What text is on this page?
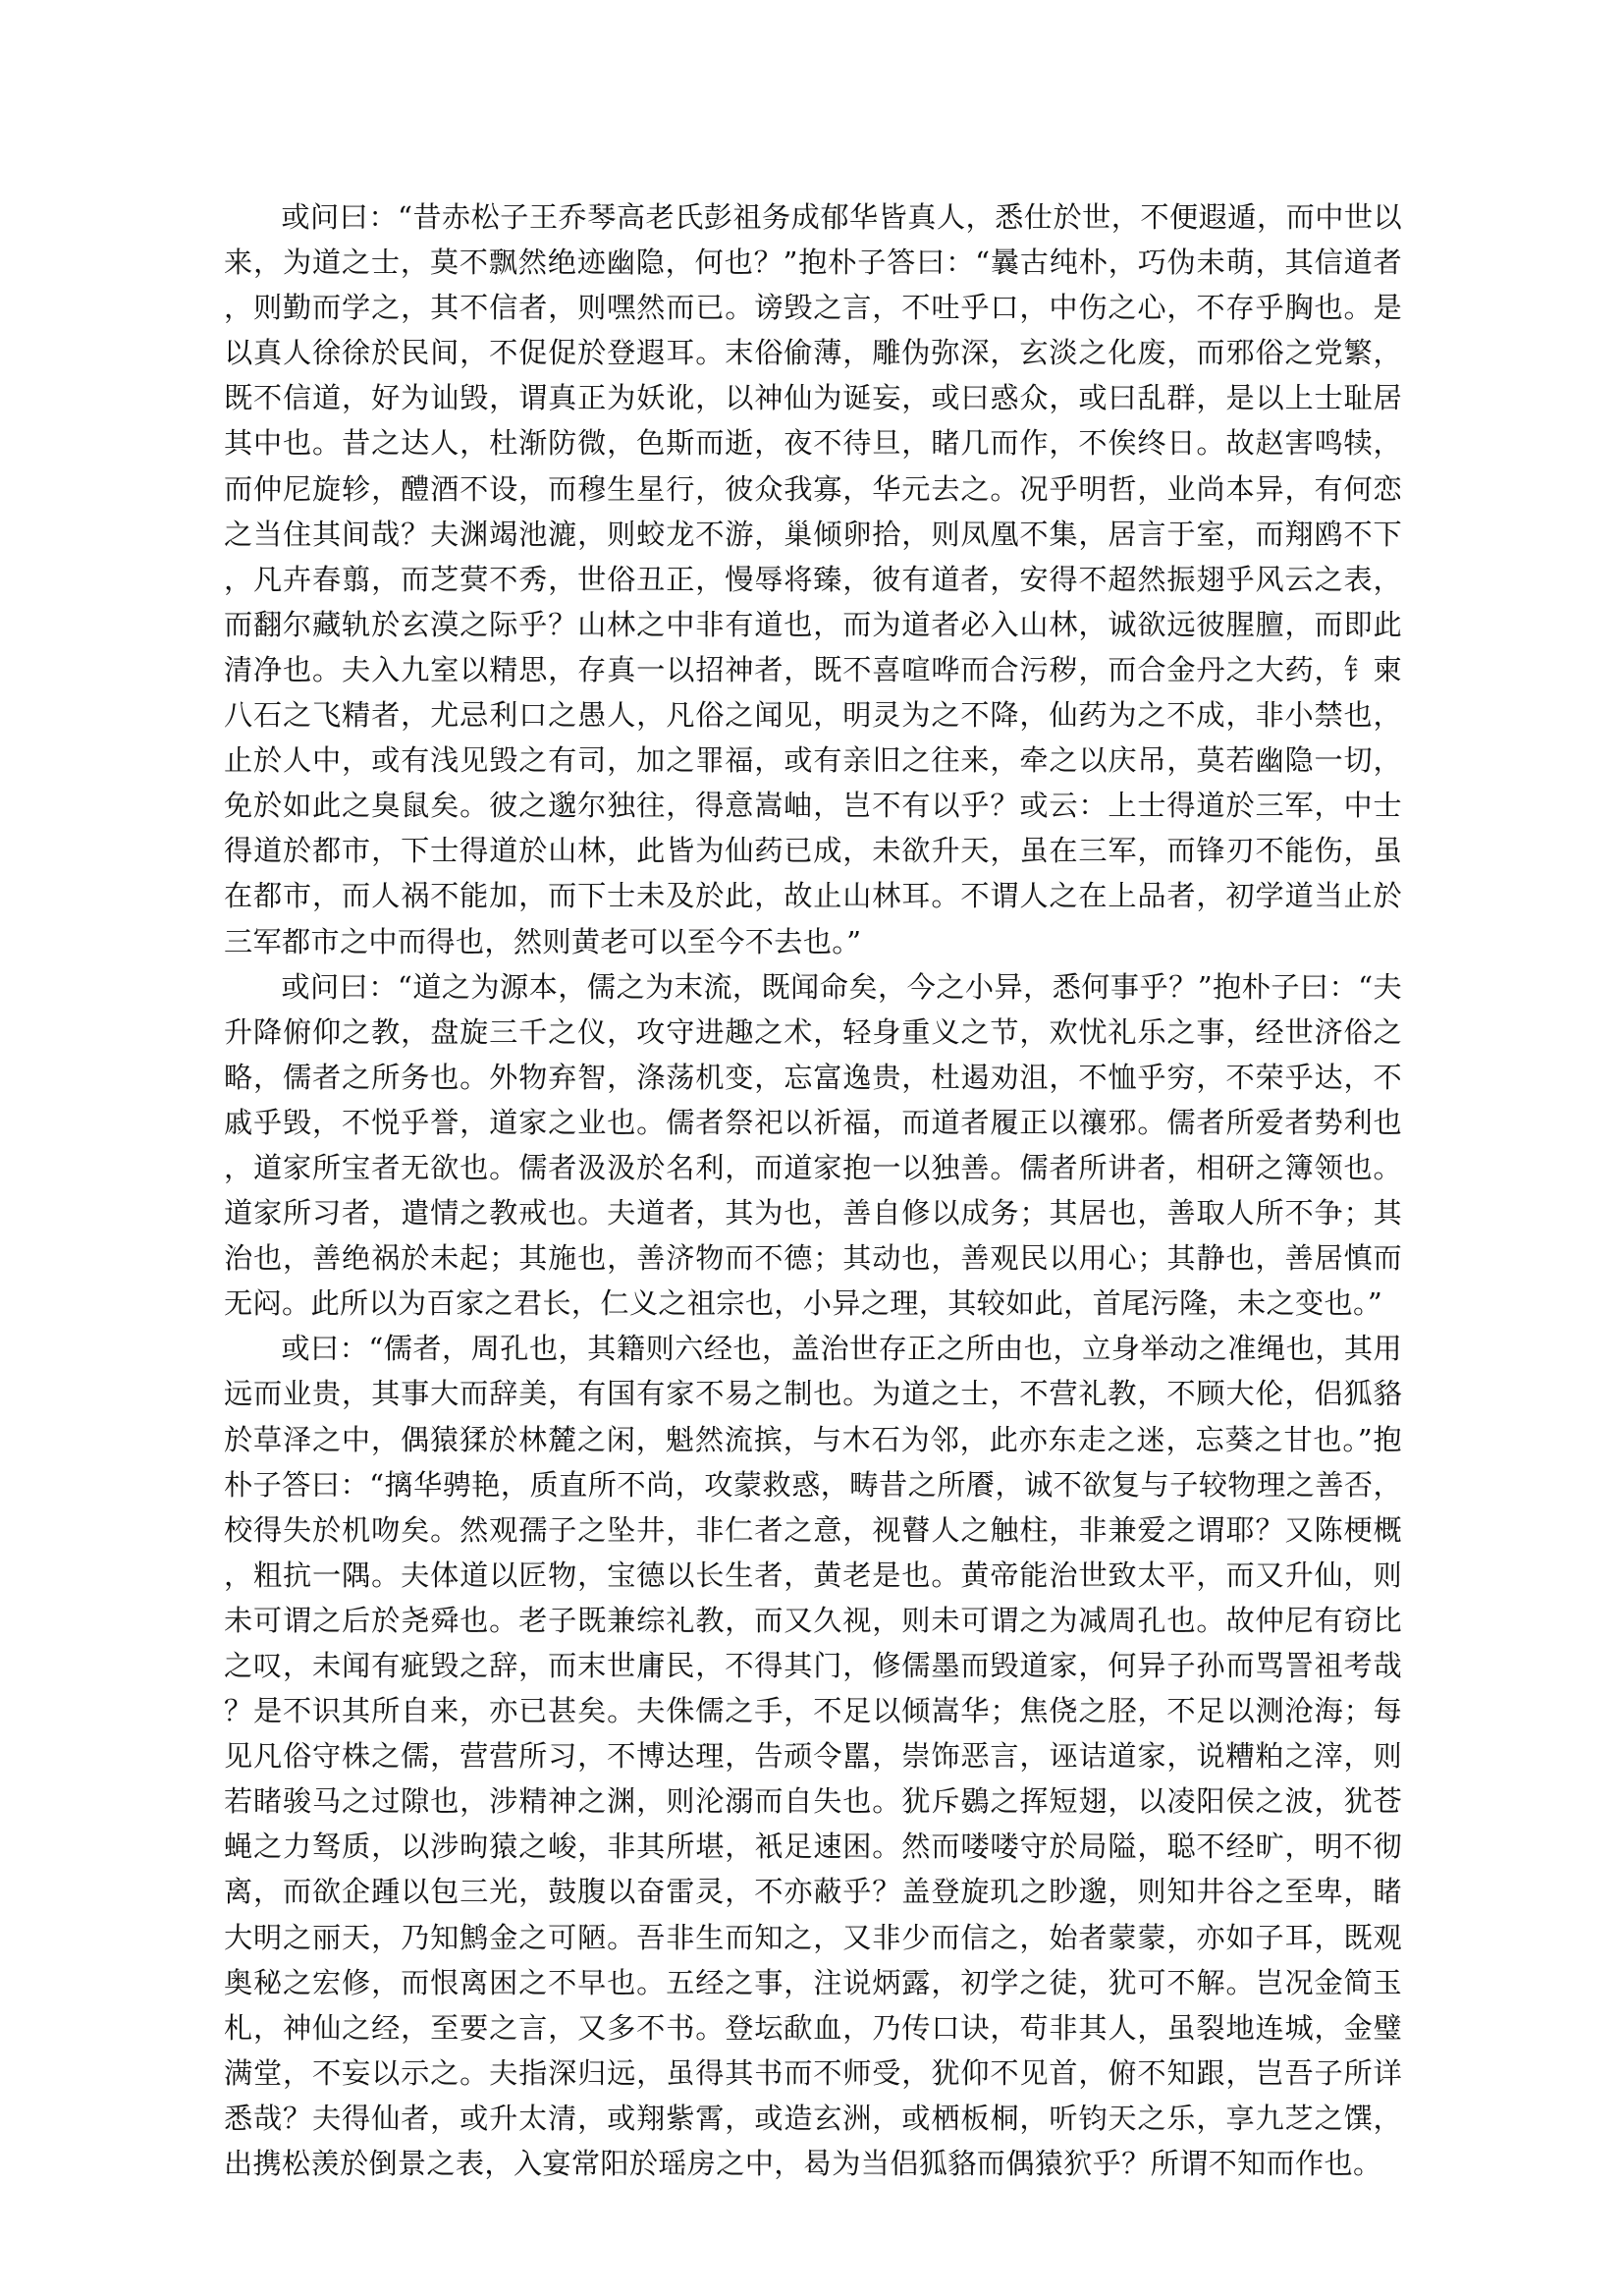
或问曰：“昔赤松子王乔琴高老氏彭祖务成郁华皆真人，悉仕於世，不便遐遁，而中世以来，为道之士，莫不飘然绝迹幽隐，何也？”抱朴子答曰：“曩古纯朴，巧伪未萌，其信道者，则勤而学之，其不信者，则嘿然而已。谤毁之言，不吐乎口，中伤之心，不存乎胸也。是以真人徐徐於民间，不促促於登遐耳。末俗偷薄，雕伪弥深，玄淡之化废，而邪俗之党繁，既不信道，好为讪毁，谓真正为妖讹，以神仙为诞妄，或曰惑众，或曰乱群，是以上士耻居其中也。昔之达人，杜渐防微，色斯而逝，夜不待旦，睹几而作，不俟终日。故赵害鸣犊，而仲尼旋轸，醴酒不设，而穆生星行，彼众我寡，华元去之。况乎明哲，业尚本异，有何恋之当住其间哉？夫渊竭池漉，则蛟龙不游，巢倾卵拾，则凤凰不集，居言于室，而翔鸥不下，凡卉春翦，而芝蓂不秀，世俗丑正，慢辱将臻，彼有道者，安得不超然振翅乎风云之表，而翻尔藏轨於玄漠之际乎？山林之中非有道也，而为道者必入山林，诚欲远彼腥膻，而即此清净也。夫入九室以精思，存真一以招神者，既不喜喧哗而合污秽，而合金丹之大药，钅柬八石之飞精者，尤忌利口之愚人，凡俗之闻见，明灵为之不降，仙药为之不成，非小禁也，止於人中，或有浅见毁之有司，加之罪福，或有亲旧之往来，牵之以庆吊，莫若幽隐一切，免於如此之臭鼠矣。彼之邈尔独往，得意嵩岫，岂不有以乎？或云：上士得道於三军，中士得道於都市，下士得道於山林，此皆为仙药已成，未欲升天，虽在三军，而锋刃不能伤，虽在都市，而人祸不能加，而下士未及於此，故止山林耳。不谓人之在上品者，初学道当止於三军都市之中而得也，然则黄老可以至今不去也。”

或问曰：“道之为源本，儒之为末流，既闻命矣，今之小异，悉何事乎？”抱朴子曰：“夫升降俯仰之教，盘旋三千之仪，攻守进趣之术，轻身重义之节，欢忧礼乐之事，经世济俗之略，儒者之所务也。外物弃智，涤荡机变，忘富逸贵，杜遏劝沮，不恤乎穷，不荣乎达，不戚乎毁，不悦乎誉，道家之业也。儒者祭祀以祈福，而道者履正以禳邪。儒者所爱者势利也，道家所宝者无欲也。儒者汲汲於名利，而道家抱一以独善。儒者所讲者，相研之簿领也。道家所习者，遣情之教戒也。夫道者，其为也，善自修以成务；其居也，善取人所不争；其治也，善绝祸於未起；其施也，善济物而不德；其动也，善观民以用心；其静也，善居慎而无闷。此所以为百家之君长，仁义之祖宗也，小异之理，其较如此，首尾污隆，未之变也。”

或曰：“儒者，周孔也，其籍则六经也，盖治世存正之所由也，立身举动之准绳也，其用远而业贵，其事大而辞美，有国有家不易之制也。为道之士，不营礼教，不顾大伦，侣狐貉於草泽之中，偶猿猱於林麓之闲，魁然流摈，与木石为邻，此亦东走之迷，忘葵之甘也。”抱朴子答曰：“摛华骋艳，质直所不尚，攻蒙救惑，畴昔之所餍，诚不欲复与子较物理之善否，校得失於机吻矣。然观孺子之坠井，非仁者之意，视瞽人之触柱，非兼爱之谓耶？又陈梗概，粗抗一隅。夫体道以匠物，宝德以长生者，黄老是也。黄帝能治世致太平，而又升仙，则未可谓之后於尧舜也。老子既兼综礼教，而又久视，则未可谓之为减周孔也。故仲尼有窃比之叹，未闻有疵毁之辞，而末世庸民，不得其门，修儒墨而毁道家，何异子孙而骂詈祖考哉？是不识其所自来，亦已甚矣。夫侏儒之手，不足以倾嵩华；焦侥之胫，不足以测沧海；每见凡俗守株之儒，营营所习，不博达理，告顽令嚚，崇饰恶言，诬诘道家，说糟粕之滓，则若睹骏马之过隙也，涉精神之渊，则沦溺而自失也。犹斥鷃之挥短翅，以凌阳侯之波，犹苍蝇之力驽质，以涉昫猿之峻，非其所堪，衹足速困。然而喽喽守於局隘，聪不经旷，明不彻离，而欲企踵以包三光，鼓腹以奋雷灵，不亦蔽乎？盖登旋玑之眇邈，则知井谷之至卑，睹大明之丽天，乃知鹪金之可陋。吾非生而知之，又非少而信之，始者蒙蒙，亦如子耳，既观奥秘之宏修，而恨离困之不早也。五经之事，注说炳露，初学之徒，犹可不解。岂况金简玉札，神仙之经，至要之言，又多不书。登坛歃血，乃传口诀，苟非其人，虽裂地连城，金璧满堂，不妄以示之。夫指深归远，虽得其书而不师受，犹仰不见首，俯不知跟，岂吾子所详悉哉？夫得仙者，或升太清，或翔紫霄，或造玄洲，或栖板桐，听钧天之乐，享九芝之馔，出携松羡於倒景之表，入宴常阳於瑶房之中，曷为当侣狐貉而偶猿狖乎？所谓不知而作也。
